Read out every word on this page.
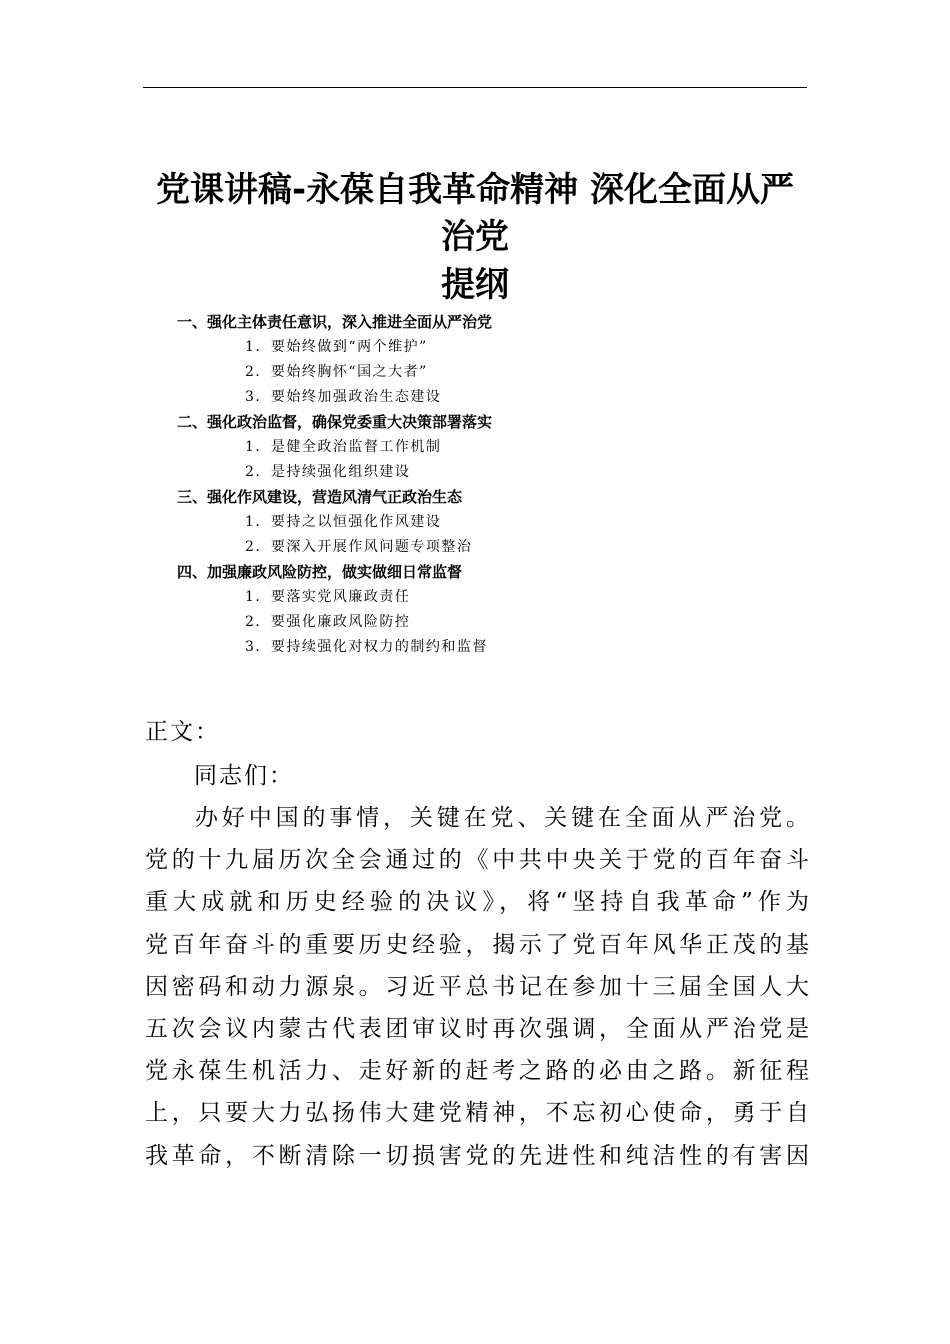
党课讲稿-永葆自我革命精神 深化全面从严
治党
提纲
一、强化主体责任意识，深入推进全面从严治党
1．要始终做到“两个维护”
2．要始终胸怀“国之大者”
3．要始终加强政治生态建设
二、强化政治监督，确保党委重大决策部署落实
1．是健全政治监督工作机制
2．是持续强化组织建设
三、强化作风建设，营造风清气正政治生态
1．要持之以恒强化作风建设
2．要深入开展作风问题专项整治
四、加强廉政风险防控，做实做细日常监督
1．要落实党风廉政责任
2．要强化廉政风险防控
3．要持续强化对权力的制约和监督
正文：
同志们：
办好中国的事情，关键在党、关键在全面从严治党。
党的十九届历次全会通过的《中共中央关于党的百年奋斗
重大成就和历史经验的决议》，将“坚持自我革命”作为
党百年奋斗的重要历史经验，揭示了党百年风华正茂的基
因密码和动力源泉。习近平总书记在参加十三届全国人大
五次会议内蒙古代表团审议时再次强调，全面从严治党是
党永葆生机活力、走好新的赶考之路的必由之路。新征程
上，只要大力弘扬伟大建党精神，不忘初心使命，勇于自
我革命，不断清除一切损害党的先进性和纯洁性的有害因
